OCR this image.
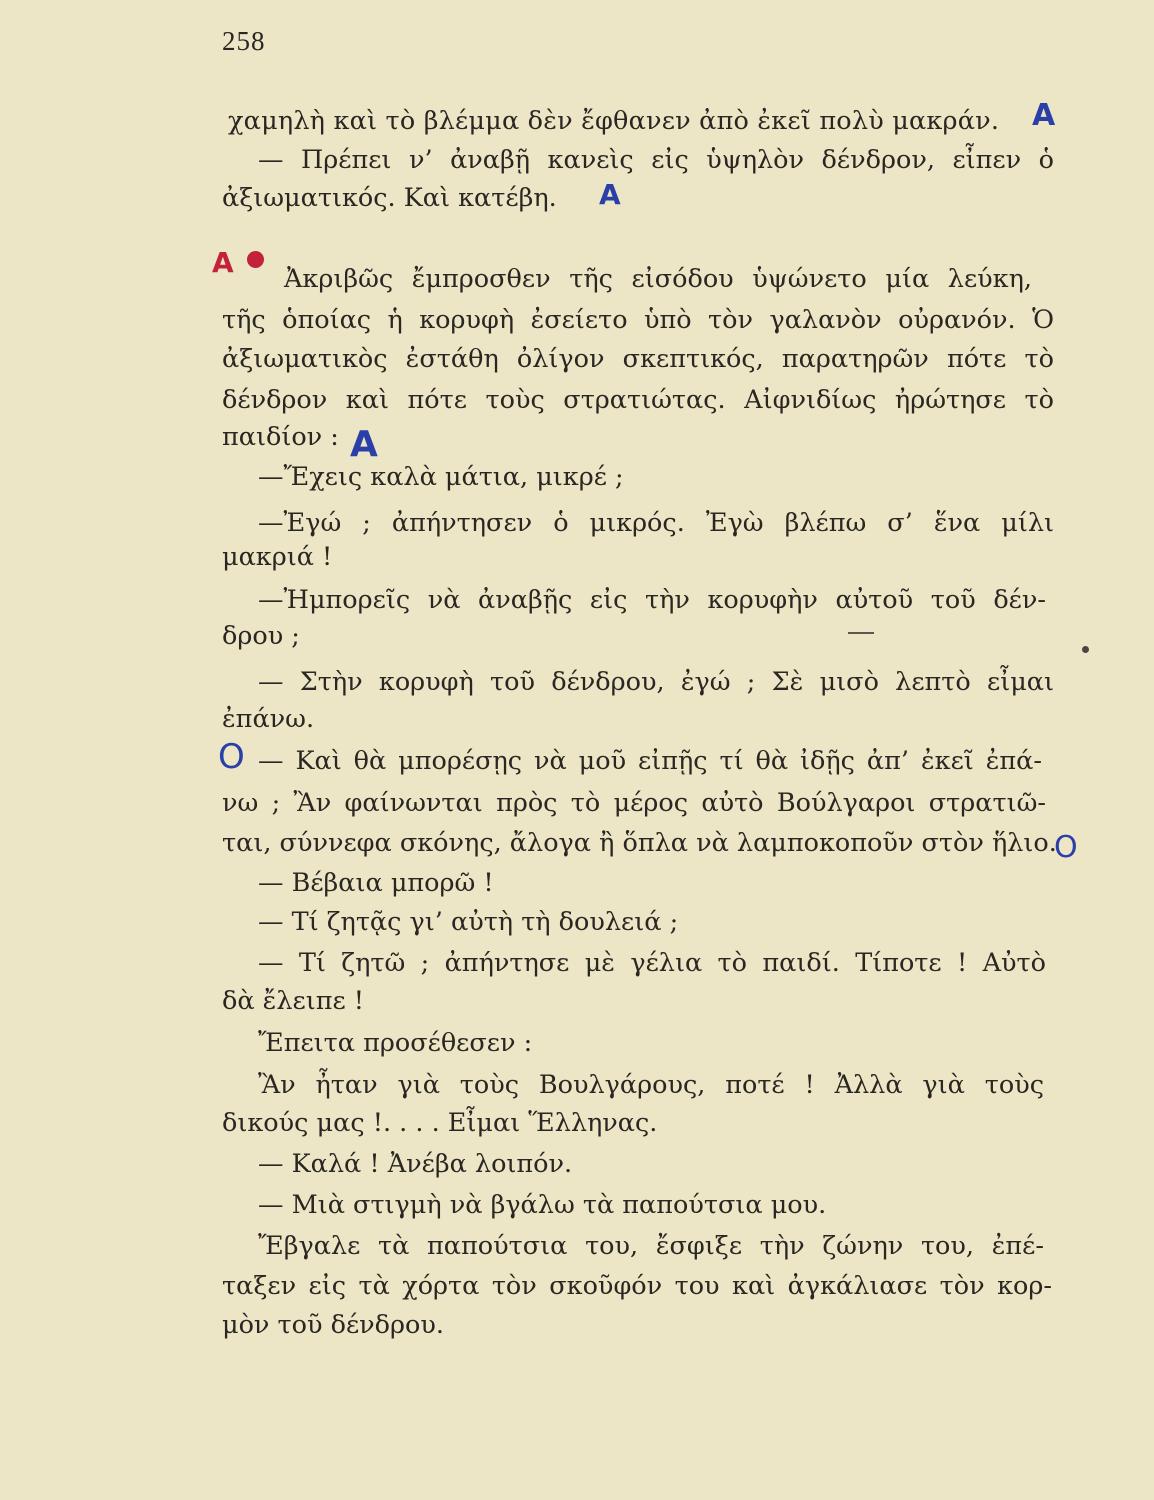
258

χαμηλὴ καὶ τὸ βλέμμα δὲν ἔφθανεν ἀπὸ ἐκεῖ πολὺ μακράν.

— Πρέπει ν’ ἀναβῇ κανεὶς εἰς ὑψηλὸν δένδρον, εἶπεν ὁ

ἀξιωματικός. Καὶ κατέβη.

Ἀκριβῶς ἔμπροσθεν τῆς εἰσόδου ὑψώνετο μία λεύκη,

τῆς ὁποίας ἡ κορυφὴ ἐσείετο ὑπὸ τὸν γαλανὸν οὐρανόν. Ὁ

ἀξιωματικὸς ἐστάθη ὀλίγον σκεπτικός, παρατηρῶν πότε τὸ

δένδρον καὶ πότε τοὺς στρατιώτας. Αἰφνιδίως ἠρώτησε τὸ

παιδίον :

—Ἔχεις καλὰ μάτια, μικρέ ;

—Ἐγώ ; ἀπήντησεν ὁ μικρός. Ἐγὼ βλέπω σ’ ἕνα μίλι

μακριά !

—Ἠμπορεῖς νὰ ἀναβῇς εἰς τὴν κορυφὴν αὐτοῦ τοῦ δέν-

δρου ;

— Στὴν κορυφὴ τοῦ δένδρου, ἐγώ ; Σὲ μισὸ λεπτὸ εἶμαι

ἐπάνω.

— Καὶ θὰ μπορέσῃς νὰ μοῦ εἰπῇς τί θὰ ἰδῇς ἀπ’ ἐκεῖ ἐπά-

νω ; Ἂν φαίνωνται πρὸς τὸ μέρος αὐτὸ Βούλγαροι στρατιῶ-

ται, σύννεφα σκόνης, ἄλογα ἢ ὅπλα νὰ λαμποκοποῦν στὸν ἥλιο.

— Βέβαια μπορῶ !

— Τί ζητᾷς γι’ αὐτὴ τὴ δουλειά ;

— Τί ζητῶ ; ἀπήντησε μὲ γέλια τὸ παιδί. Τίποτε ! Αὐτὸ

δὰ ἔλειπε !

Ἔπειτα προσέθεσεν :

Ἂν ἦταν γιὰ τοὺς Βουλγάρους, ποτέ ! Ἀλλὰ γιὰ τοὺς

δικούς μας !. . . . Εἶμαι Ἕλληνας.

— Καλά ! Ἀνέβα λοιπόν.

— Μιὰ στιγμὴ νὰ βγάλω τὰ παπούτσια μου.

Ἔβγαλε τὰ παπούτσια του, ἔσφιξε τὴν ζώνην του, ἐπέ-

ταξεν εἰς τὰ χόρτα τὸν σκοῦφόν του καὶ ἀγκάλιασε τὸν κορ-

μὸν τοῦ δένδρου.

A
A
A
A
O
O
